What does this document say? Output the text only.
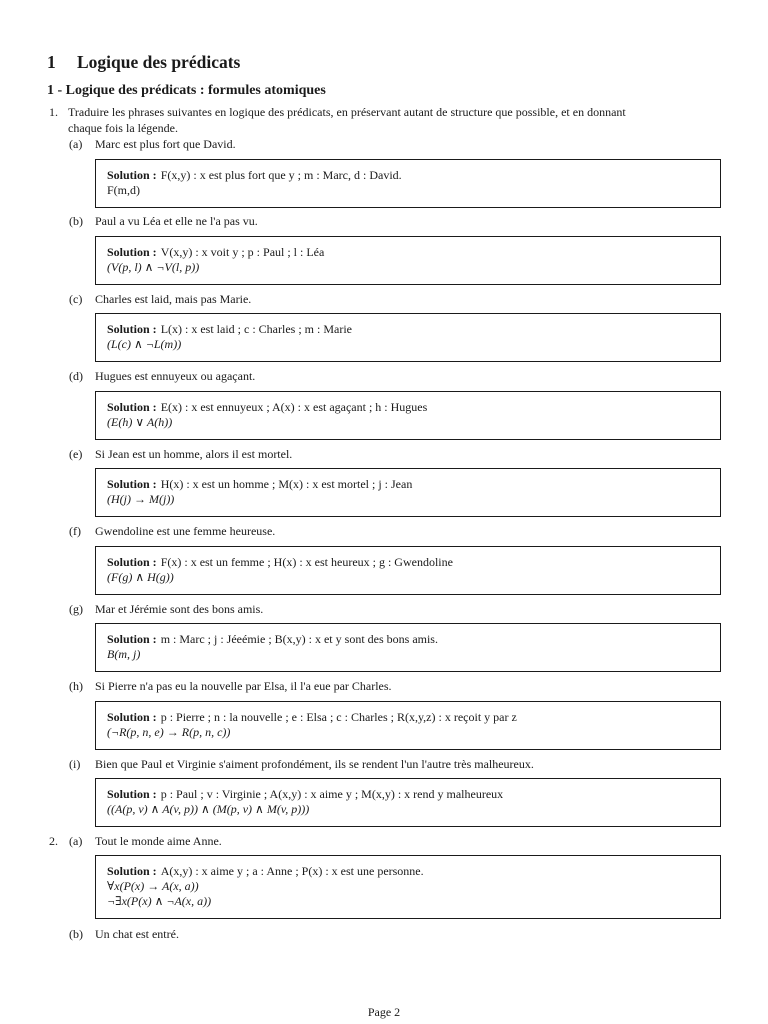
1 Logique des prédicats
1 - Logique des prédicats : formules atomiques
1. Traduire les phrases suivantes en logique des prédicats, en préservant autant de structure que possible, et en donnant
chaque fois la légende.
(a) Marc est plus fort que David.
Solution : F(x,y) : x est plus fort que y ; m : Marc, d : David.
F(m,d)
(b) Paul a vu Léa et elle ne l'a pas vu.
Solution : V(x,y) : x voit y ; p : Paul ; l : Léa
(V(p, l) ∧ ¬V(l, p))
(c) Charles est laid, mais pas Marie.
Solution : L(x) : x est laid ; c : Charles ; m : Marie
(L(c) ∧ ¬L(m))
(d) Hugues est ennuyeux ou agaçant.
Solution : E(x) : x est ennuyeux ; A(x) : x est agaçant ; h : Hugues
(E(h) ∨ A(h))
(e) Si Jean est un homme, alors il est mortel.
Solution : H(x) : x est un homme ; M(x) : x est mortel ; j : Jean
(H(j) → M(j))
(f) Gwendoline est une femme heureuse.
Solution : F(x) : x est un femme ; H(x) : x est heureux ; g : Gwendoline
(F(g) ∧ H(g))
(g) Mar et Jérémie sont des bons amis.
Solution : m : Marc ; j : Jéeémie ; B(x,y) : x et y sont des bons amis.
B(m, j)
(h) Si Pierre n'a pas eu la nouvelle par Elsa, il l'a eue par Charles.
Solution : p : Pierre ; n : la nouvelle ; e : Elsa ; c : Charles ; R(x,y,z) : x reçoit y par z
(¬R(p, n, e) → R(p, n, c))
(i) Bien que Paul et Virginie s'aiment profondément, ils se rendent l'un l'autre très malheureux.
Solution : p : Paul ; v : Virginie ; A(x,y) : x aime y ; M(x,y) : x rend y malheureux
((A(p, v) ∧ A(v, p)) ∧ (M(p, v) ∧ M(v, p)))
2. (a) Tout le monde aime Anne.
Solution : A(x,y) : x aime y ; a : Anne ; P(x) : x est une personne.
∀x(P(x) → A(x, a))
¬∃x(P(x) ∧ ¬A(x, a))
(b) Un chat est entré.
Page 2
